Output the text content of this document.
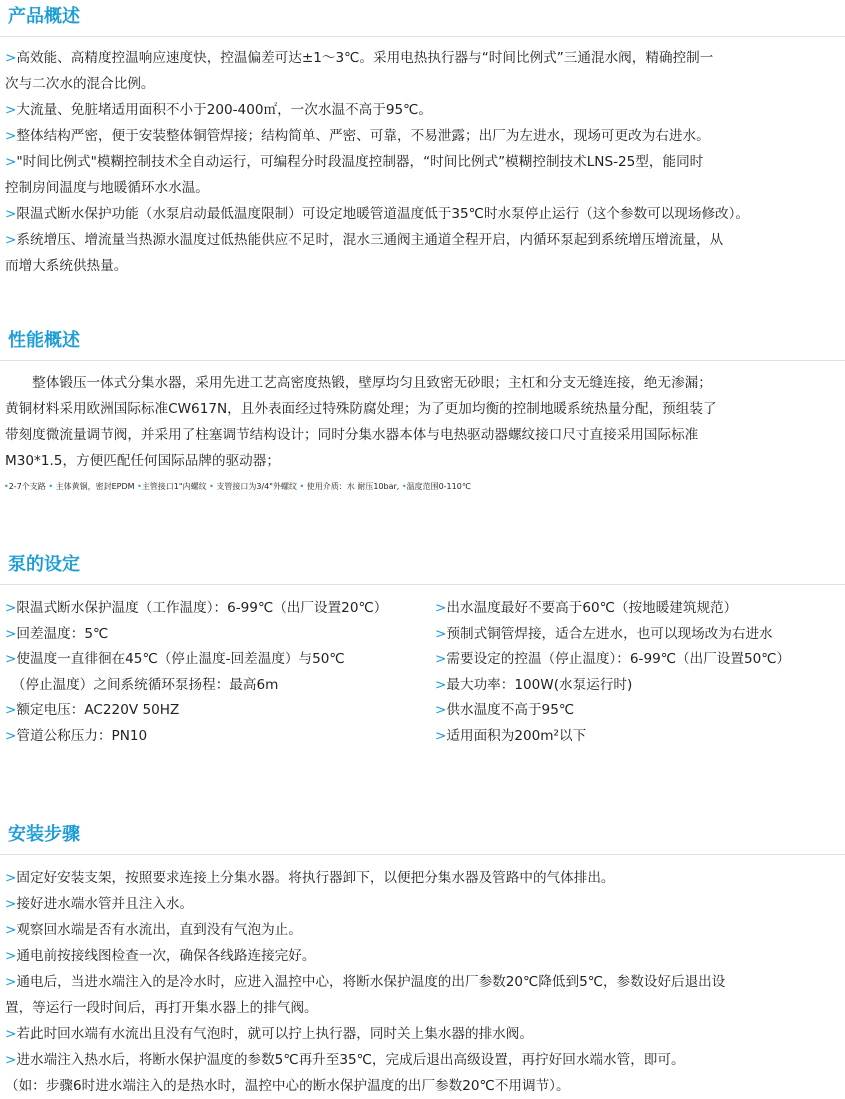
产品概述
>高效能、高精度控温响应速度快，控温偏差可达±1～3℃。采用电热执行器与“时间比例式”三通混水阀，精确控制一
次与二次水的混合比例。
>大流量、免脏堵适用面积不小于200-400㎡，一次水温不高于95℃。
>整体结构严密，便于安装整体铜管焊接；结构简单、严密、可靠，不易泄露；出厂为左进水，现场可更改为右进水。
>"时间比例式"模糊控制技术全自动运行，可编程分时段温度控制器，“时间比例式”模糊控制技术LNS-25型，能同时
控制房间温度与地暖循环水水温。
>限温式断水保护功能（水泵启动最低温度限制）可设定地暖管道温度低于35℃时水泵停止运行（这个参数可以现场修改）。
>系统增压、增流量当热源水温度过低热能供应不足时，混水三通阀主通道全程开启，内循环泵起到系统增压增流量，从
而增大系统供热量。
性能概述
　　整体锻压一体式分集水器，采用先进工艺高密度热锻，壁厚均匀且致密无砂眼；主杠和分支无缝连接，绝无渗漏；
黄铜材料采用欧洲国际标准CW617N，且外表面经过特殊防腐处理；为了更加均衡的控制地暖系统热量分配，预组装了
带刻度微流量调节阀，并采用了柱塞调节结构设计；同时分集水器本体与电热驱动器螺纹接口尺寸直接采用国际标准
M30*1.5，方便匹配任何国际品牌的驱动器；
•2-7个支路 • 主体黄铜，密封EPDM •主管接口1"内螺纹 • 支管接口为3/4"外螺纹 • 使用介质：水 耐压10bar, •温度范围0-110℃
泵的设定
>限温式断水保护温度（工作温度）：6-99℃（出厂设置20℃）
>回差温度：5℃
>使温度一直徘徊在45℃（停止温度-回差温度）与50℃
　（停止温度）之间系统循环泵扬程：最高6m
>额定电压：AC220V 50HZ
>管道公称压力：PN10
>出水温度最好不要高于60℃（按地暖建筑规范）
>预制式铜管焊接，适合左进水，也可以现场改为右进水
>需要设定的控温（停止温度）：6-99℃（出厂设置50℃）
>最大功率：100W(水泵运行时)
>供水温度不高于95℃
>适用面积为200m²以下
安装步骤
>固定好安装支架，按照要求连接上分集水器。将执行器卸下，以便把分集水器及管路中的气体排出。
>接好进水端水管并且注入水。
>观察回水端是否有水流出，直到没有气泡为止。
>通电前按接线图检查一次，确保各线路连接完好。
>通电后，当进水端注入的是冷水时，应进入温控中心，将断水保护温度的出厂参数20℃降低到5℃，参数设好后退出设
置，等运行一段时间后，再打开集水器上的排气阀。
>若此时回水端有水流出且没有气泡时，就可以拧上执行器，同时关上集水器的排水阀。
>进水端注入热水后，将断水保护温度的参数5℃再升至35℃，完成后退出高级设置，再拧好回水端水管，即可。
（如：步骤6时进水端注入的是热水时，温控中心的断水保护温度的出厂参数20℃不用调节）。
